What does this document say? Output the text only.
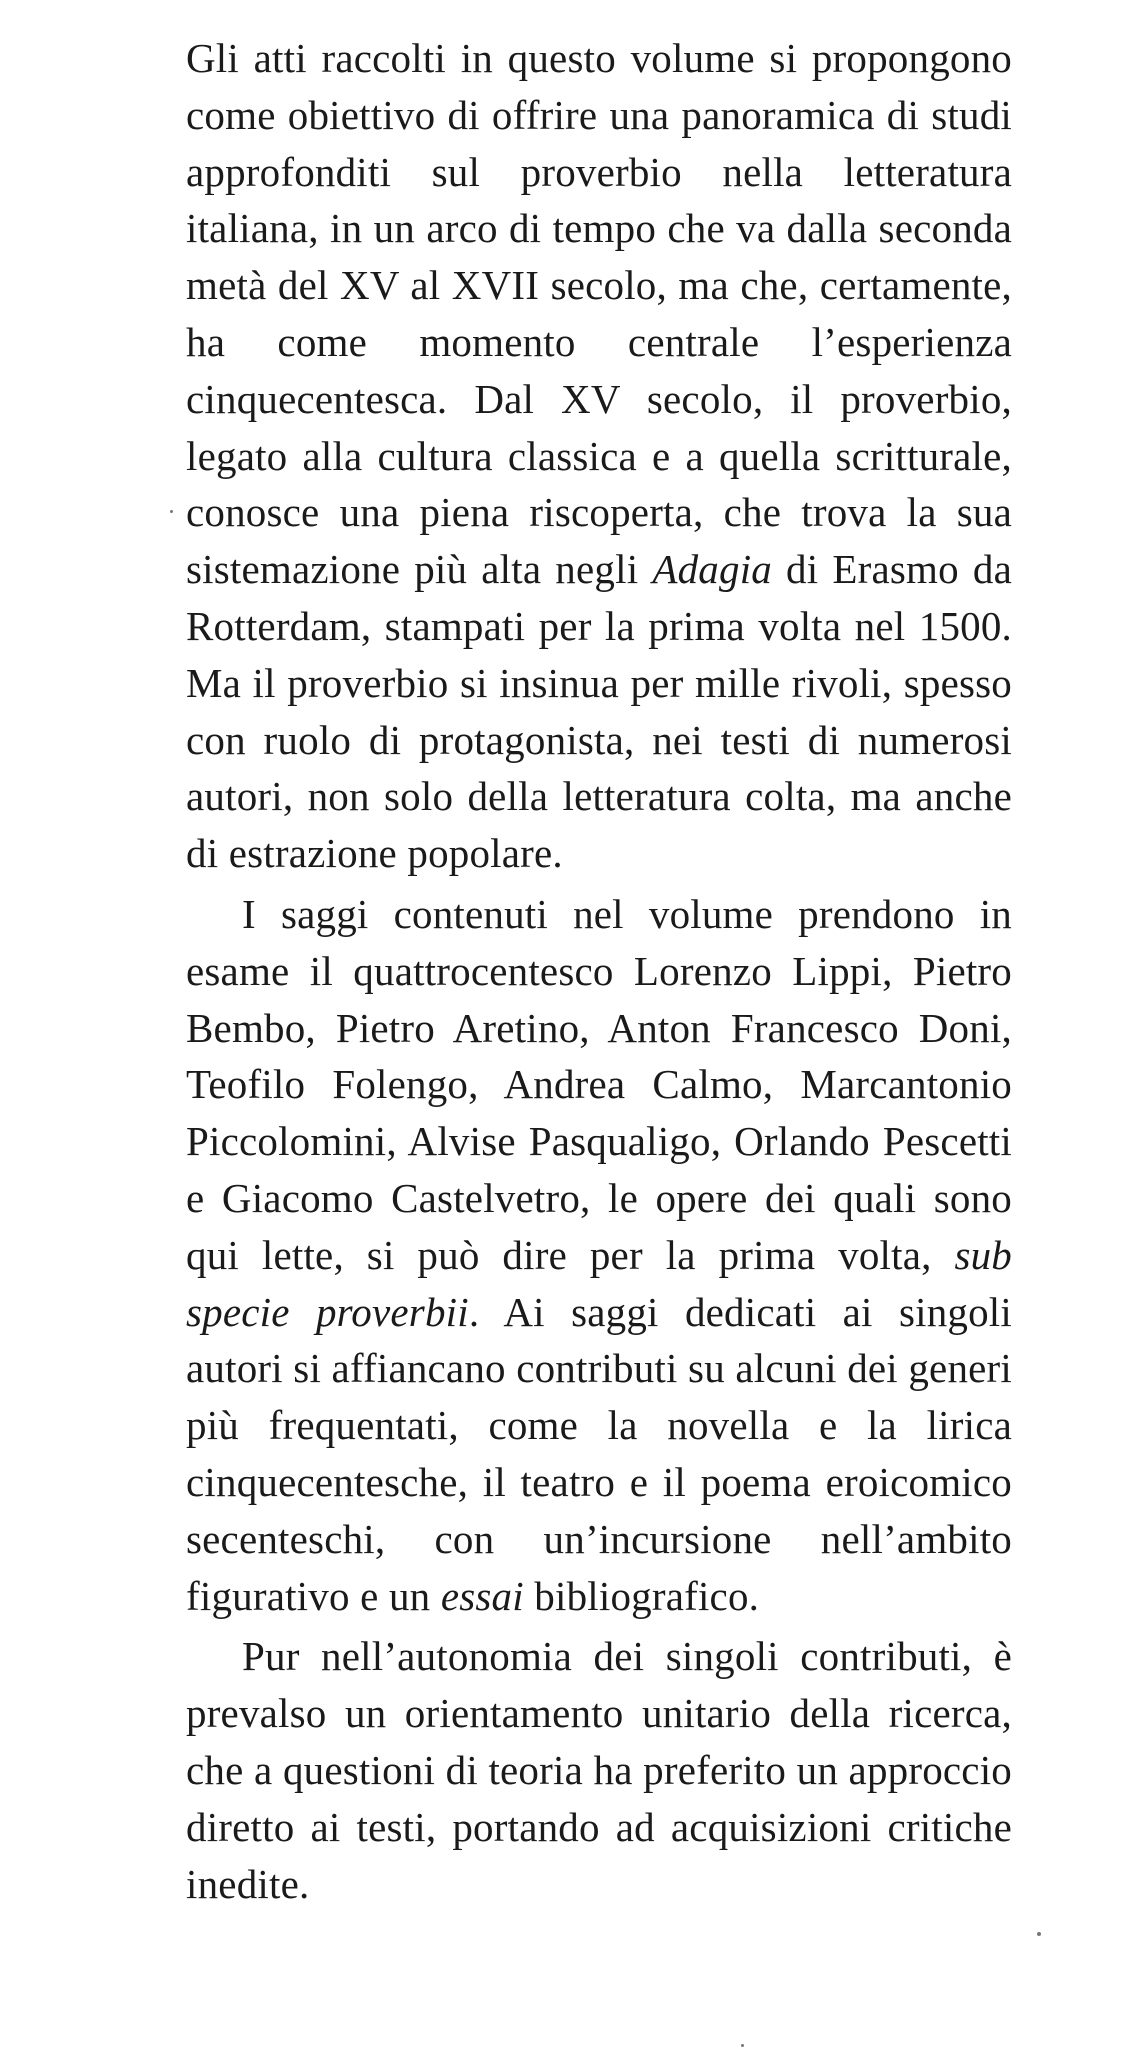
Gli atti raccolti in questo volume si propongono come obiettivo di offrire una panoramica di studi approfonditi sul proverbio nella letteratura italiana, in un arco di tempo che va dalla seconda metà del XV al XVII secolo, ma che, certamente, ha come momento centrale l’esperienza cinquecentesca. Dal XV secolo, il proverbio, legato alla cultura classica e a quella scritturale, conosce una piena riscoperta, che trova la sua sistemazione più alta negli Adagia di Erasmo da Rotterdam, stampati per la prima volta nel 1500. Ma il proverbio si insinua per mille rivoli, spesso con ruolo di protagonista, nei testi di numerosi autori, non solo della letteratura colta, ma anche di estrazione popolare.

I saggi contenuti nel volume prendono in esame il quattrocentesco Lorenzo Lippi, Pietro Bembo, Pietro Aretino, Anton Francesco Doni, Teofilo Folengo, Andrea Calmo, Marcantonio Piccolomini, Alvise Pasqualigo, Orlando Pescetti e Giacomo Castelvetro, le opere dei quali sono qui lette, si può dire per la prima volta, sub specie proverbii. Ai saggi dedicati ai singoli autori si affiancano contributi su alcuni dei generi più frequentati, come la novella e la lirica cinquecentesche, il teatro e il poema eroicomico secenteschi, con un’incursione nell’ambito figurativo e un essai bibliografico.

Pur nell’autonomia dei singoli contributi, è prevalso un orientamento unitario della ricerca, che a questioni di teoria ha preferito un approccio diretto ai testi, portando ad acquisizioni critiche inedite.
